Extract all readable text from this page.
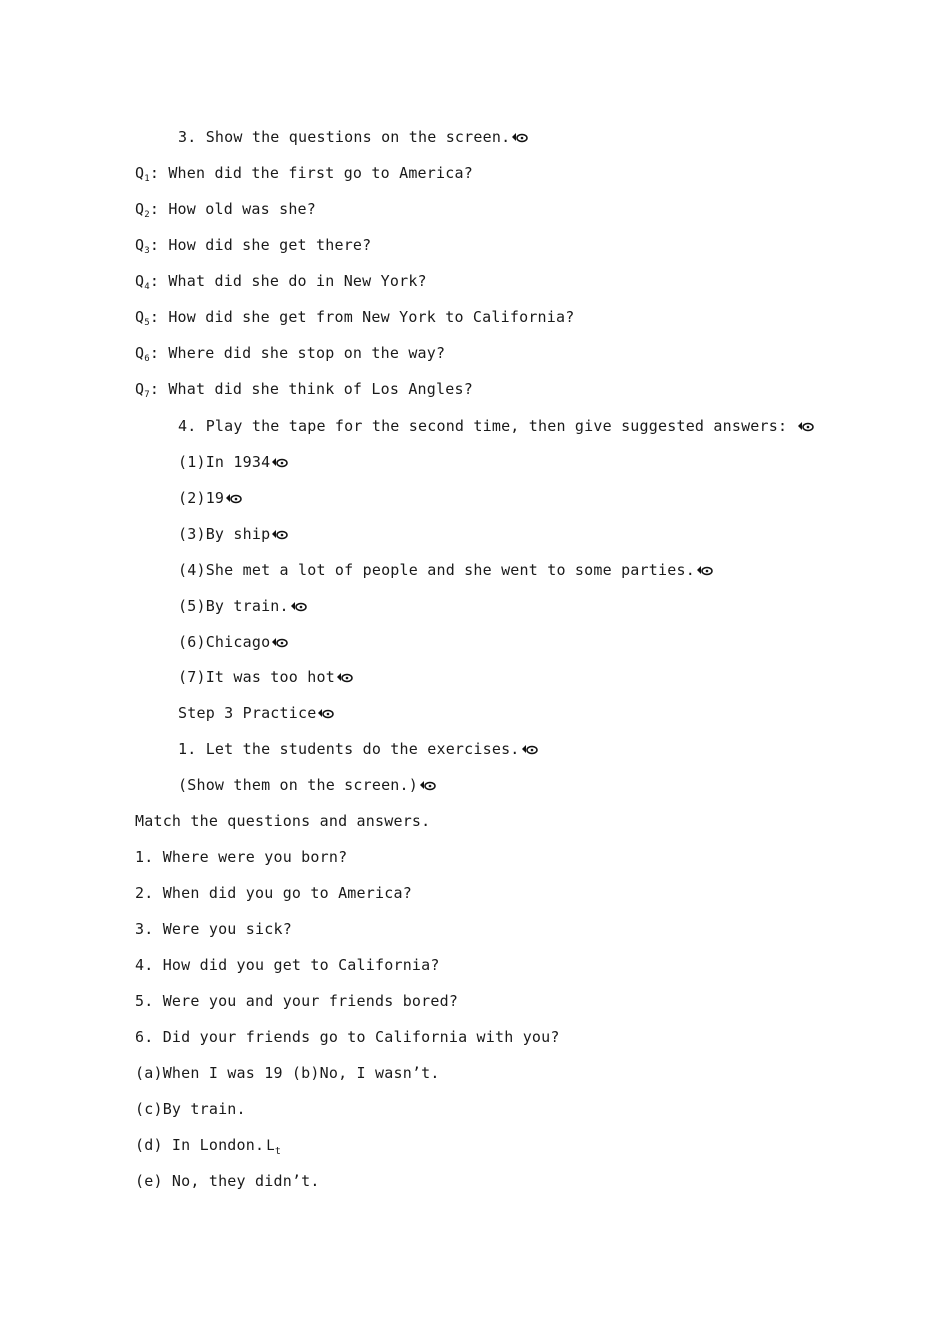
3. Show the questions on the screen.
$Q_1$: When did the first go to America?
$Q_2$: How old was she?
$Q_3$: How did she get there?
$Q_4$: What did she do in New York?
$Q_5$: How did she get from New York to California?
$Q_6$: Where did she stop on the way?
$Q_7$: What did she think of Los Angles?
4. Play the tape for the second time, then give suggested answers:
(1)In 1934
(2)19
(3)By ship
(4)She met a lot of people and she went to some parties.
(5)By train.
(6)Chicago
(7)It was too hot
Step 3 Practice
1. Let the students do the exercises.
(Show them on the screen.)
Match the questions and answers.
1. Where were you born?
2. When did you go to America?
3. Were you sick?
4. How did you get to California?
5. Were you and your friends bored?
6. Did your friends go to California with you?
(a)When I was 19 (b)No, I wasn’t.
(c)By train.
(d) In London. $L_t$
(e) No, they didn’t.
